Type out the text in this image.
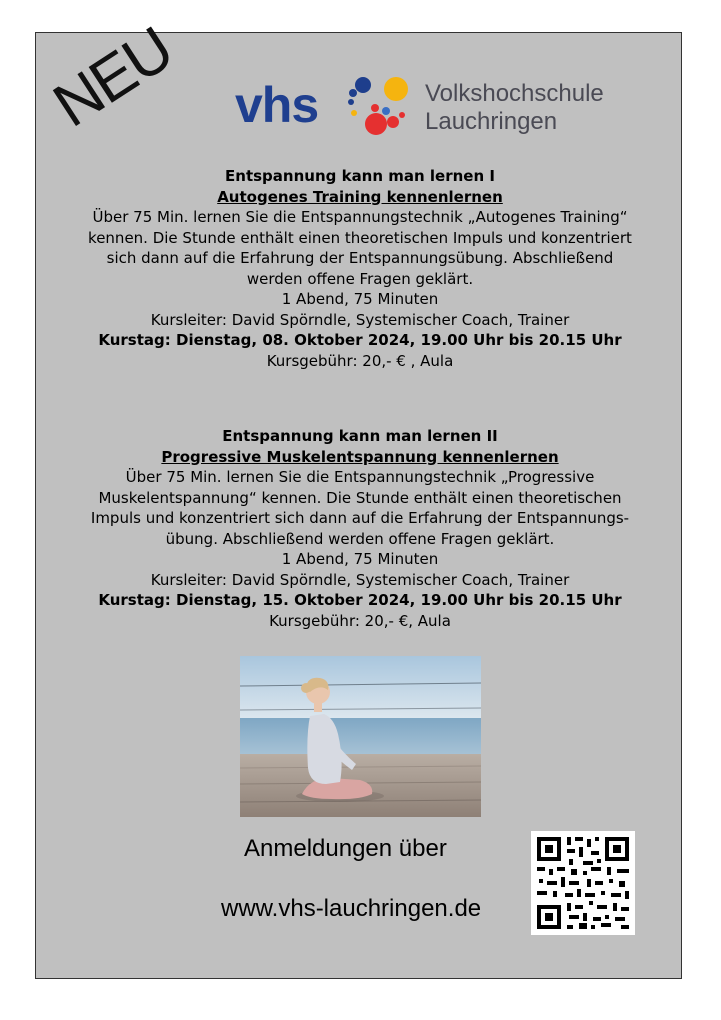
NEU vhs	Volkshochschule
Lauchringen
Entspannung kann man lernen I
Autogenes Training kennenlernen
Über 75 Min. lernen Sie die Entspannungstechnik „Autogenes Training“
kennen. Die Stunde enthält einen theoretischen Impuls und konzentriert
sich dann auf die Erfahrung der Entspannungsübung. Abschließend
werden offene Fragen geklärt.
1 Abend, 75 Minuten
Kursleiter: David Spörndle, Systemischer Coach, Trainer
Kurstag: Dienstag, 08. Oktober 2024, 19.00 Uhr bis 20.15 Uhr
Kursgebühr: 20,- € , Aula
Entspannung kann man lernen II
Progressive Muskelentspannung kennenlernen
Über 75 Min. lernen Sie die Entspannungstechnik „Progressive
Muskelentspannung“ kennen. Die Stunde enthält einen theoretischen
Impuls und konzentriert sich dann auf die Erfahrung der Entspannungs-
übung. Abschließend werden offene Fragen geklärt.
1 Abend, 75 Minuten
Kursleiter: David Spörndle, Systemischer Coach, Trainer
Kurstag: Dienstag, 15. Oktober 2024, 19.00 Uhr bis 20.15 Uhr
Kursgebühr: 20,- €, Aula
Anmeldungen über
www.vhs-lauchringen.de
